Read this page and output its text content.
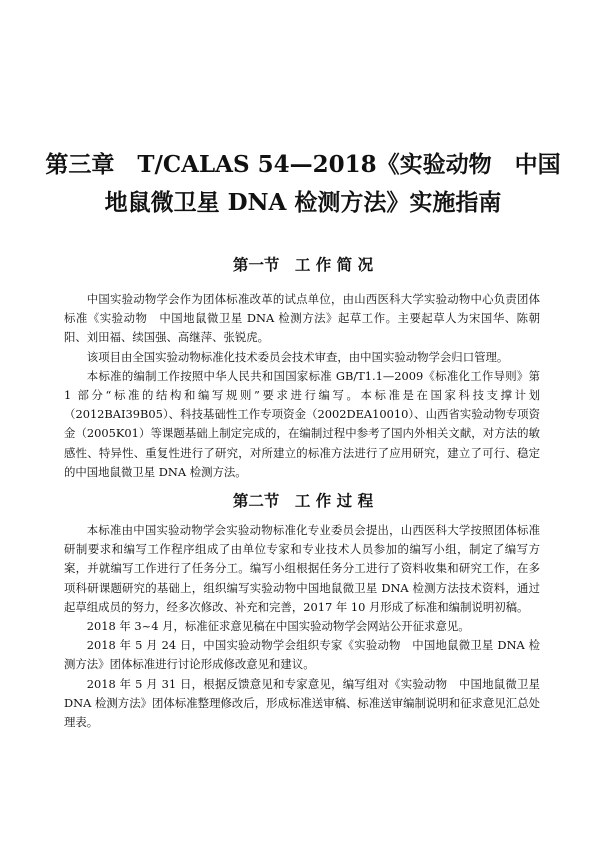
第三章　T/CALAS 54—2018《实验动物　中国
地鼠微卫星 DNA 检测方法》实施指南
第一节　工 作 简 况

中国实验动物学会作为团体标准改革的试点单位，由山西医科大学实验动物中心负责团体标准《实验动物　中国地鼠微卫星 DNA 检测方法》起草工作。主要起草人为宋国华、陈朝阳、刘田福、续国强、高继萍、张锐虎。

该项目由全国实验动物标准化技术委员会技术审查，由中国实验动物学会归口管理。

本标准的编制工作按照中华人民共和国国家标准 GB/T1.1—2009《标准化工作导则》第 1 部分“标准的结构和编写规则”要求进行编写。本标准是在国家科技支撑计划（2012BAI39B05）、科技基础性工作专项资金（2002DEA10010）、山西省实验动物专项资金（2005K01）等课题基础上制定完成的，在编制过程中参考了国内外相关文献，对方法的敏感性、特异性、重复性进行了研究，对所建立的标准方法进行了应用研究，建立了可行、稳定的中国地鼠微卫星 DNA 检测方法。

第二节　工 作 过 程

本标准由中国实验动物学会实验动物标准化专业委员会提出，山西医科大学按照团体标准研制要求和编写工作程序组成了由单位专家和专业技术人员参加的编写小组，制定了编写方案，并就编写工作进行了任务分工。编写小组根据任务分工进行了资料收集和研究工作，在多项科研课题研究的基础上，组织编写实验动物中国地鼠微卫星 DNA 检测方法技术资料，通过起草组成员的努力，经多次修改、补充和完善，2017 年 10 月形成了标准和编制说明初稿。

2018 年 3~4 月，标准征求意见稿在中国实验动物学会网站公开征求意见。

2018 年 5 月 24 日，中国实验动物学会组织专家《实验动物　中国地鼠微卫星 DNA 检测方法》团体标准进行讨论形成修改意见和建议。

2018 年 5 月 31 日，根据反馈意见和专家意见，编写组对《实验动物　中国地鼠微卫星 DNA 检测方法》团体标准整理修改后，形成标准送审稿、标准送审编制说明和征求意见汇总处理表。
